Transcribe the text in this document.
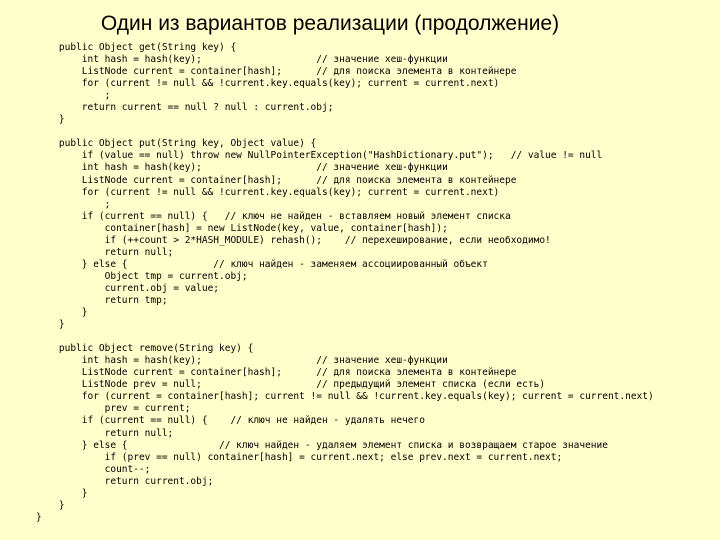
Один из вариантов реализации (продолжение)
public Object get(String key) {
int hash = hash(key);                    // значение хеш-функции
ListNode current = container[hash];      // для поиска элемента в контейнере
for (current != null && !current.key.equals(key); current = current.next)
;
return current == null ? null : current.obj;
}
public Object put(String key, Object value) {
if (value == null) throw new NullPointerException("HashDictionary.put");   // value != null
int hash = hash(key);                    // значение хеш-функции
ListNode current = container[hash];      // для поиска элемента в контейнере
for (current != null && !current.key.equals(key); current = current.next)
;
if (current == null) {   // ключ не найден - вставляем новый элемент списка
container[hash] = new ListNode(key, value, container[hash]);
if (++count > 2*HASH_MODULE) rehash();    // перехеширование, если необходимо!
return null;
} else {               // ключ найден - заменяем ассоциированный объект
Object tmp = current.obj;
current.obj = value;
return tmp;
}
}
public Object remove(String key) {
int hash = hash(key);                    // значение хеш-функции
ListNode current = container[hash];      // для поиска элемента в контейнере
ListNode prev = null;                    // предыдущий элемент списка (если есть)
for (current = container[hash]; current != null && !current.key.equals(key); current = current.next)
prev = current;
if (current == null) {    // ключ не найден - удалять нечего
return null;
} else {                // ключ найден - удаляем элемент списка и возвращаем старое значение
if (prev == null) container[hash] = current.next; else prev.next = current.next;
count--;
return current.obj;
}
}
}
